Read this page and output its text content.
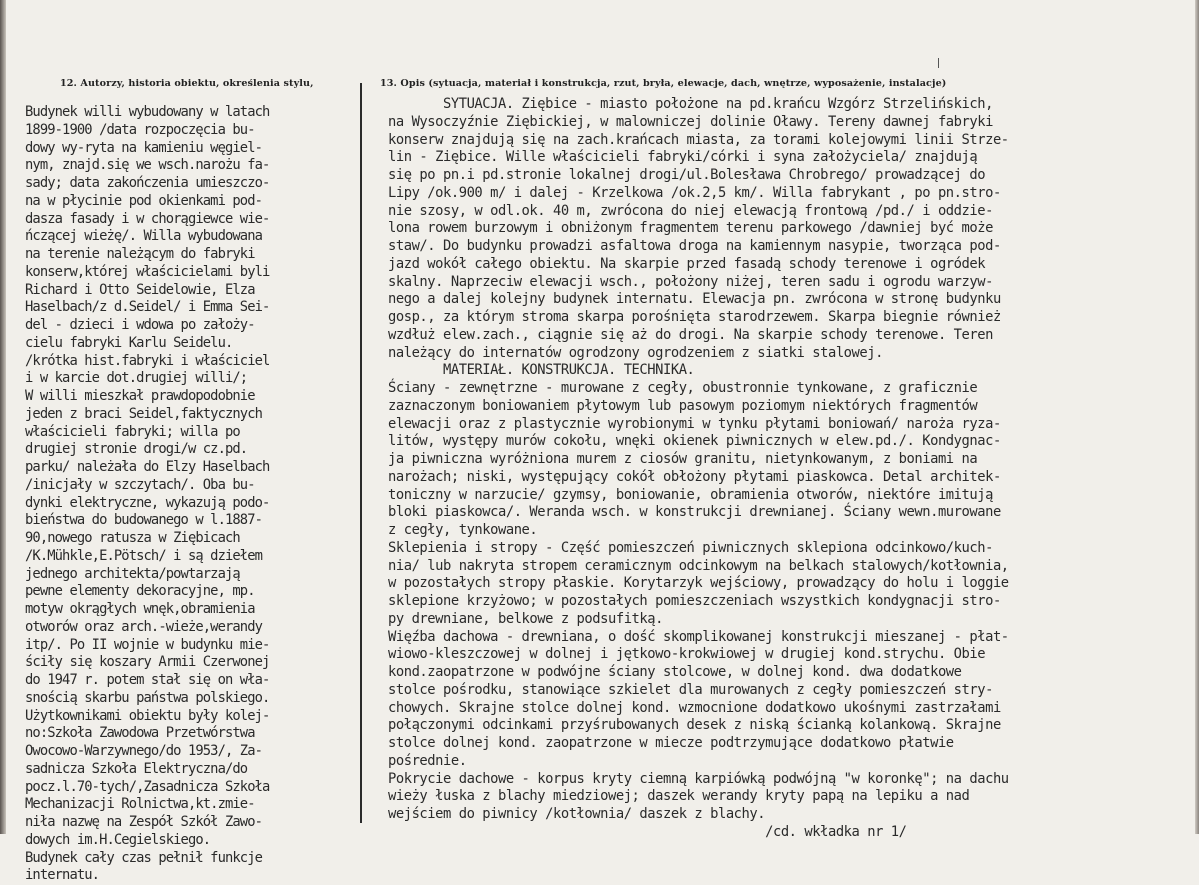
12. Autorzy, historia obiektu, określenia stylu,	13. Opis (sytuacja, materiał i konstrukcja, rzut, bryła, elewacje, dach, wnętrze, wyposażenie, instalacje)
Budynek willi wybudowany w latach
1899-1900 /data rozpoczęcia bu-
dowy wy-ryta na kamieniu węgiel-
nym, znajd.się we wsch.narożu fa-
sady; data zakończenia umieszczo-
na w płycinie pod okienkami pod-
dasza fasady i w chorągiewce wie-
ńczącej wieżę/. Willa wybudowana
na terenie należącym do fabryki
konserw,której właścicielami byli
Richard i Otto Seidelowie, Elza
Haselbach/z d.Seidel/ i Emma Sei-
del - dzieci i wdowa po założy-
cielu fabryki Karlu Seidelu.
/krótka hist.fabryki i właściciel
i w karcie dot.drugiej willi/;
W willi mieszkał prawdopodobnie
jeden z braci Seidel,faktycznych
właścicieli fabryki; willa po
drugiej stronie drogi/w cz.pd.
parku/ należała do Elzy Haselbach
/inicjały w szczytach/. Oba bu-
dynki elektryczne, wykazują podo-
bieństwa do budowanego w l.1887-
90,nowego ratusza w Ziębicach
/K.Mühkle,E.Pötsch/ i są dziełem
jednego architekta/powtarzają
pewne elementy dekoracyjne, mp.
motyw okrągłych wnęk,obramienia
otworów oraz arch.-wieże,werandy
itp/. Po II wojnie w budynku mie-
ściły się koszary Armii Czerwonej
do 1947 r. potem stał się on wła-
snością skarbu państwa polskiego.
Użytkownikami obiektu były kolej-
no:Szkoła Zawodowa Przetwórstwa
Owocowo-Warzywnego/do 1953/, Za-
sadnicza Szkoła Elektryczna/do
pocz.l.70-tych/,Zasadnicza Szkoła
Mechanizacji Rolnictwa,kt.zmie-
niła nazwę na Zespół Szkół Zawo-
dowych im.H.Cegielskiego.
Budynek cały czas pełnił funkcje
internatu.
SYTUACJA. Ziębice - miasto położone na pd.krańcu Wzgórz Strzelińskich,
na Wysoczyźnie Ziębickiej, w malowniczej dolinie Oławy. Tereny dawnej fabryki
konserw znajdują się na zach.krańcach miasta, za torami kolejowymi linii Strze-
lin - Ziębice. Wille właścicieli fabryki/córki i syna założyciela/ znajdują
się po pn.i pd.stronie lokalnej drogi/ul.Bolesława Chrobrego/ prowadzącej do
Lipy /ok.900 m/ i dalej - Krzelkowa /ok.2,5 km/. Willa fabrykant , po pn.stro-
nie szosy, w odl.ok. 40 m, zwrócona do niej elewacją frontową /pd./ i oddzie-
lona rowem burzowym i obniżonym fragmentem terenu parkowego /dawniej być może
staw/. Do budynku prowadzi asfaltowa droga na kamiennym nasypie, tworząca pod-
jazd wokół całego obiektu. Na skarpie przed fasadą schody terenowe i ogródek
skalny. Naprzeciw elewacji wsch., położony niżej, teren sadu i ogrodu warzyw-
nego a dalej kolejny budynek internatu. Elewacja pn. zwrócona w stronę budynku
gosp., za którym stroma skarpa porośnięta starodrzewem. Skarpa biegnie również
wzdłuż elew.zach., ciągnie się aż do drogi. Na skarpie schody terenowe. Teren
należący do internatów ogrodzony ogrodzeniem z siatki stalowej.
MATERIAŁ. KONSTRUKCJA. TECHNIKA.
Ściany - zewnętrzne - murowane z cegły, obustronnie tynkowane, z graficznie
zaznaczonym boniowaniem płytowym lub pasowym poziomym niektórych fragmentów
elewacji oraz z plastycznie wyrobionymi w tynku płytami boniowań/ naroża ryza-
litów, występy murów cokołu, wnęki okienek piwnicznych w elew.pd./. Kondygnac-
ja piwniczna wyróżniona murem z ciosów granitu, nietynkowanym, z boniami na
narożach; niski, występujący cokół obłożony płytami piaskowca. Detal architek-
toniczny w narzucie/ gzymsy, boniowanie, obramienia otworów, niektóre imitują
bloki piaskowca/. Weranda wsch. w konstrukcji drewnianej. Ściany wewn.murowane
z cegły, tynkowane.
Sklepienia i stropy - Część pomieszczeń piwnicznych sklepiona odcinkowo/kuch-
nia/ lub nakryta stropem ceramicznym odcinkowym na belkach stalowych/kotłownia,
w pozostałych stropy płaskie. Korytarzyk wejściowy, prowadzący do holu i loggie
sklepione krzyżowo; w pozostałych pomieszczeniach wszystkich kondygnacji stro-
py drewniane, belkowe z podsufitką.
Więźba dachowa - drewniana, o dość skomplikowanej konstrukcji mieszanej - płat-
wiowo-kleszczowej w dolnej i jętkowo-krokwiowej w drugiej kond.strychu. Obie
kond.zaopatrzone w podwójne ściany stolcowe, w dolnej kond. dwa dodatkowe
stolce pośrodku, stanowiące szkielet dla murowanych z cegły pomieszczeń stry-
chowych. Skrajne stolce dolnej kond. wzmocnione dodatkowo ukośnymi zastrzałami
połączonymi odcinkami przyśrubowanych desek z niską ścianką kolankową. Skrajne
stolce dolnej kond. zaopatrzone w miecze podtrzymujące dodatkowo płatwie
pośrednie.
Pokrycie dachowe - korpus kryty ciemną karpiówką podwójną "w koronkę"; na dachu
wieży łuska z blachy miedziowej; daszek werandy kryty papą na lepiku a nad
wejściem do piwnicy /kotłownia/ daszek z blachy.
/cd. wkładka nr 1/
